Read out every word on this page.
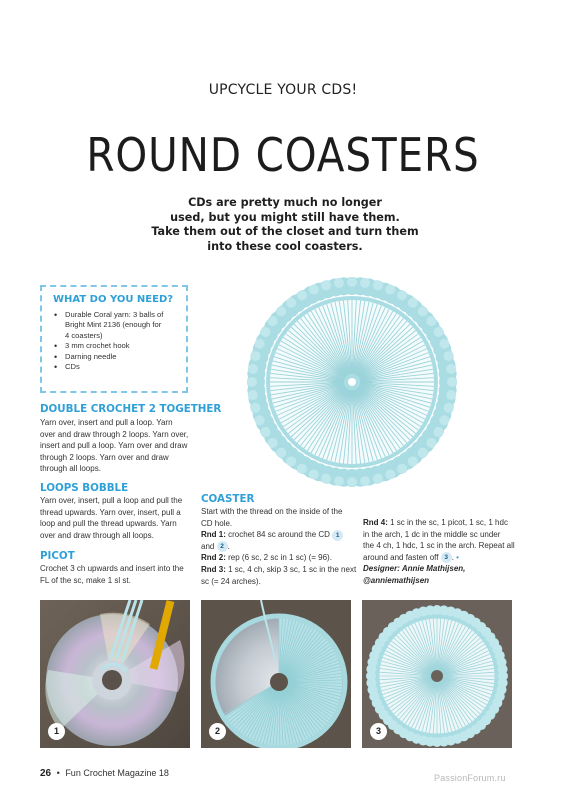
UPCYCLE YOUR CDS!
ROUND COASTERS
CDs are pretty much no longer
used, but you might still have them.
Take them out of the closet and turn them
into these cool coasters.
WHAT DO YOU NEED?
• Durable Coral yarn: 3 balls of
Bright Mint 2136 (enough for
4 coasters)
• 3 mm crochet hook
• Darning needle
• CDs
DOUBLE CROCHET 2 TOGETHER
Yarn over, insert and pull a loop. Yarn
over and draw through 2 loops. Yarn over,
insert and pull a loop. Yarn over and draw
through 2 loops. Yarn over and draw
through all loops.
LOOPS BOBBLE
Yarn over, insert, pull a loop and pull the
thread upwards. Yarn over, insert, pull a
loop and pull the thread upwards. Yarn
over and draw through all loops.
PICOT
Crochet 3 ch upwards and insert into the
FL of the sc, make 1 sl st.
COASTER
Start with the thread on the inside of the
CD hole.
Rnd 1: crochet 84 sc around the CD 1
and 2 .
Rnd 2: rep (6 sc, 2 sc in 1 sc) (= 96).
Rnd 3: 1 sc, 4 ch, skip 3 sc, 1 sc in the next
sc (= 24 arches).
Rnd 4: 1 sc in the sc, 1 picot, 1 sc, 1 hdc
in the arch, 1 dc in the middle sc under
the 4 ch, 1 hdc, 1 sc in the arch. Repeat all
around and fasten off 3 . •
Designer: Annie Mathijsen,
@anniemathijsen
1	2	3
26 • Fun Crochet Magazine 18	PassionForum.ru
